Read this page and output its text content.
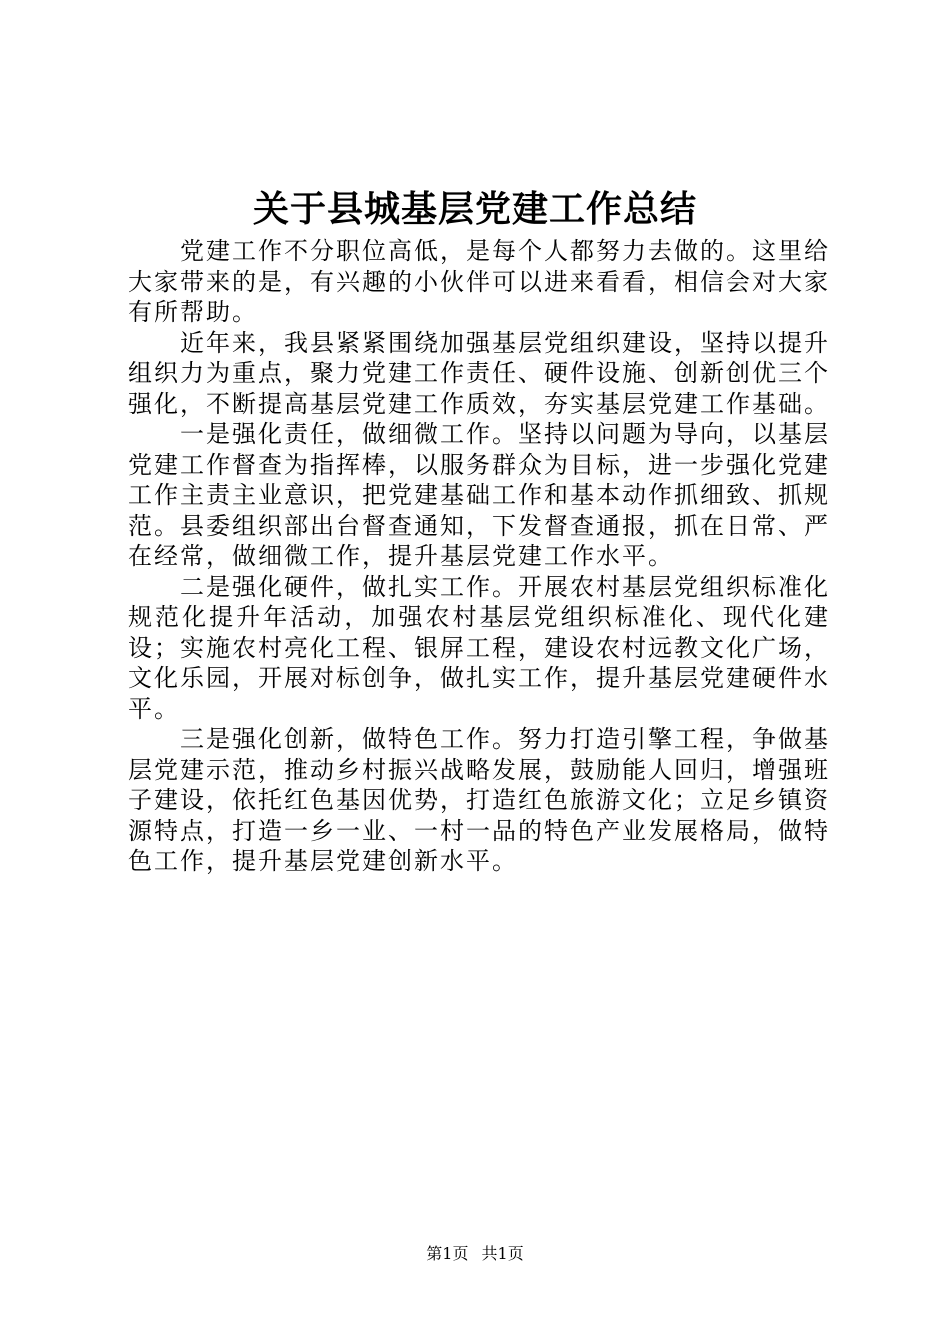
关于县城基层党建工作总结

党建工作不分职位高低，是每个人都努力去做的。这里给大家带来的是，有兴趣的小伙伴可以进来看看，相信会对大家有所帮助。

近年来，我县紧紧围绕加强基层党组织建设，坚持以提升组织力为重点，聚力党建工作责任、硬件设施、创新创优三个强化，不断提高基层党建工作质效，夯实基层党建工作基础。

一是强化责任，做细微工作。坚持以问题为导向，以基层党建工作督查为指挥棒，以服务群众为目标，进一步强化党建工作主责主业意识，把党建基础工作和基本动作抓细致、抓规范。县委组织部出台督查通知，下发督查通报，抓在日常、严在经常，做细微工作，提升基层党建工作水平。

二是强化硬件，做扎实工作。开展农村基层党组织标准化规范化提升年活动，加强农村基层党组织标准化、现代化建设；实施农村亮化工程、银屏工程，建设农村远教文化广场，文化乐园，开展对标创争，做扎实工作，提升基层党建硬件水平。

三是强化创新，做特色工作。努力打造引擎工程，争做基层党建示范，推动乡村振兴战略发展，鼓励能人回归，增强班子建设，依托红色基因优势，打造红色旅游文化；立足乡镇资源特点，打造一乡一业、一村一品的特色产业发展格局，做特色工作，提升基层党建创新水平。

第1页 共1页
